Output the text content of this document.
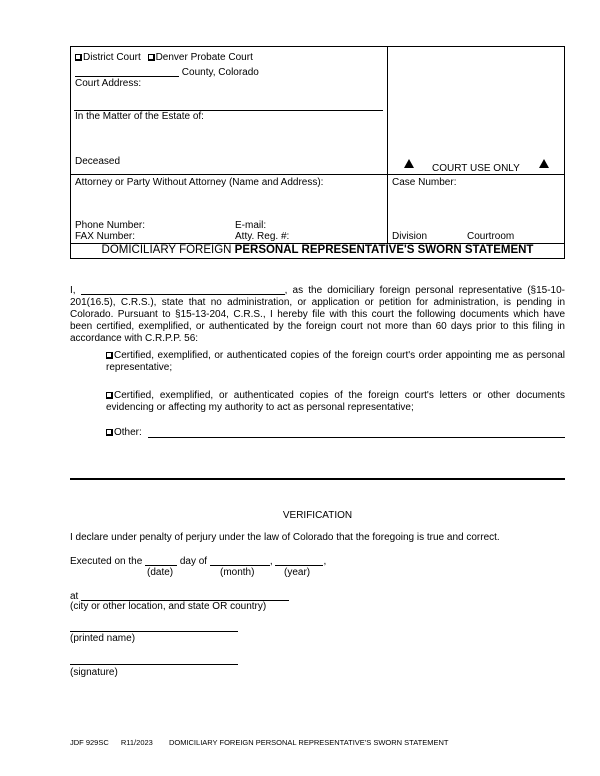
District Court Denver Probate Court
County, Colorado
Court Address:
In the Matter of the Estate of:
Deceased
COURT USE ONLY
Attorney or Party Without Attorney (Name and Address):	Case Number:
Phone Number:	E-mail:
FAX Number:	Atty. Reg. #:	Division	Courtroom
DOMICILIARY FOREIGN PERSONAL REPRESENTATIVE'S SWORN STATEMENT
I,	, as the domiciliary foreign personal representative (§15-10-201(16.5), C.R.S.), state that no administration, or application or petition for administration, is pending in Colorado. Pursuant to §15-13-204, C.R.S., I hereby file with this court the following documents which have been certified, exemplified, or authenticated by the foreign court not more than 60 days prior to this filing in accordance with C.R.P.P. 56:
Certified, exemplified, or authenticated copies of the foreign court's order appointing me as personal representative;
Certified, exemplified, or authenticated copies of the foreign court's letters or other documents evidencing or affecting my authority to act as personal representative;
Other:
VERIFICATION
I declare under penalty of perjury under the law of Colorado that the foregoing is true and correct.
Executed on the	day of	,	,
(date)	(month)	(year)
at
(city or other location, and state OR country)
(printed name)
(signature)
JDF 929SC R11/2023 DOMICILIARY FOREIGN PERSONAL REPRESENTATIVE'S SWORN STATEMENT
